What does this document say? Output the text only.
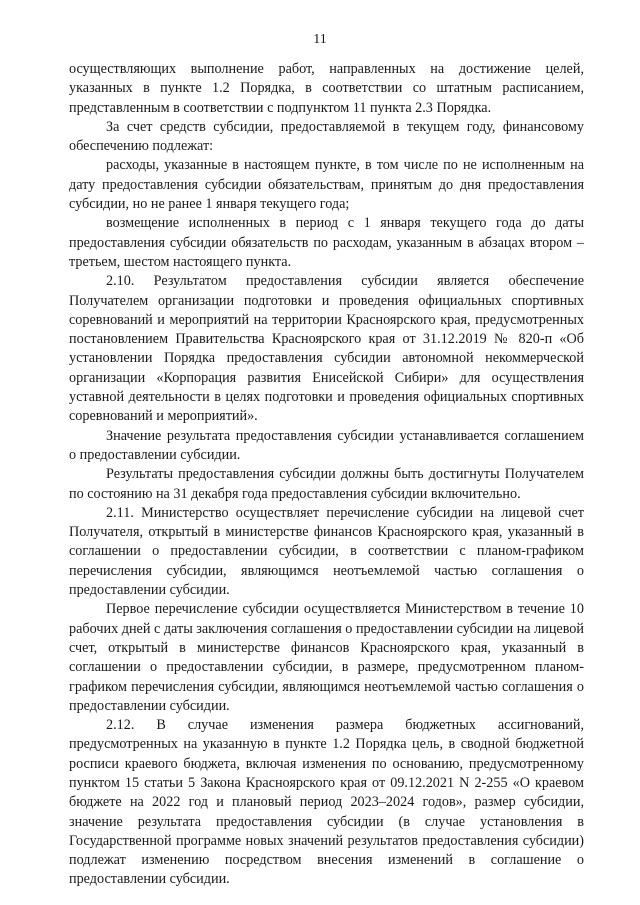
11

осуществляющих выполнение работ, направленных на достижение целей, указанных в пункте 1.2 Порядка, в соответствии со штатным расписанием, представленным в соответствии с подпунктом 11 пункта 2.3 Порядка.

За счет средств субсидии, предоставляемой в текущем году, финансовому обеспечению подлежат:

расходы, указанные в настоящем пункте, в том числе по не исполненным на дату предоставления субсидии обязательствам, принятым до дня предоставления субсидии, но не ранее 1 января текущего года;

возмещение исполненных в период с 1 января текущего года до даты предоставления субсидии обязательств по расходам, указанным в абзацах втором – третьем, шестом настоящего пункта.

2.10. Результатом предоставления субсидии является обеспечение Получателем организации подготовки и проведения официальных спортивных соревнований и мероприятий на территории Красноярского края, предусмотренных постановлением Правительства Красноярского края от 31.12.2019 № 820-п «Об установлении Порядка предоставления субсидии автономной некоммерческой организации «Корпорация развития Енисейской Сибири» для осуществления уставной деятельности в целях подготовки и проведения официальных спортивных соревнований и мероприятий».

Значение результата предоставления субсидии устанавливается соглашением о предоставлении субсидии.

Результаты предоставления субсидии должны быть достигнуты Получателем по состоянию на 31 декабря года предоставления субсидии включительно.

2.11. Министерство осуществляет перечисление субсидии на лицевой счет Получателя, открытый в министерстве финансов Красноярского края, указанный в соглашении о предоставлении субсидии, в соответствии с планом-графиком перечисления субсидии, являющимся неотъемлемой частью соглашения о предоставлении субсидии.

Первое перечисление субсидии осуществляется Министерством в течение 10 рабочих дней с даты заключения соглашения о предоставлении субсидии на лицевой счет, открытый в министерстве финансов Красноярского края, указанный в соглашении о предоставлении субсидии, в размере, предусмотренном планом-графиком перечисления субсидии, являющимся неотъемлемой частью соглашения о предоставлении субсидии.

2.12. В случае изменения размера бюджетных ассигнований, предусмотренных на указанную в пункте 1.2 Порядка цель, в сводной бюджетной росписи краевого бюджета, включая изменения по основанию, предусмотренному пунктом 15 статьи 5 Закона Красноярского края от 09.12.2021 N 2-255 «О краевом бюджете на 2022 год и плановый период 2023–2024 годов», размер субсидии, значение результата предоставления субсидии (в случае установления в Государственной программе новых значений результатов предоставления субсидии) подлежат изменению посредством внесения изменений в соглашение о предоставлении субсидии.
